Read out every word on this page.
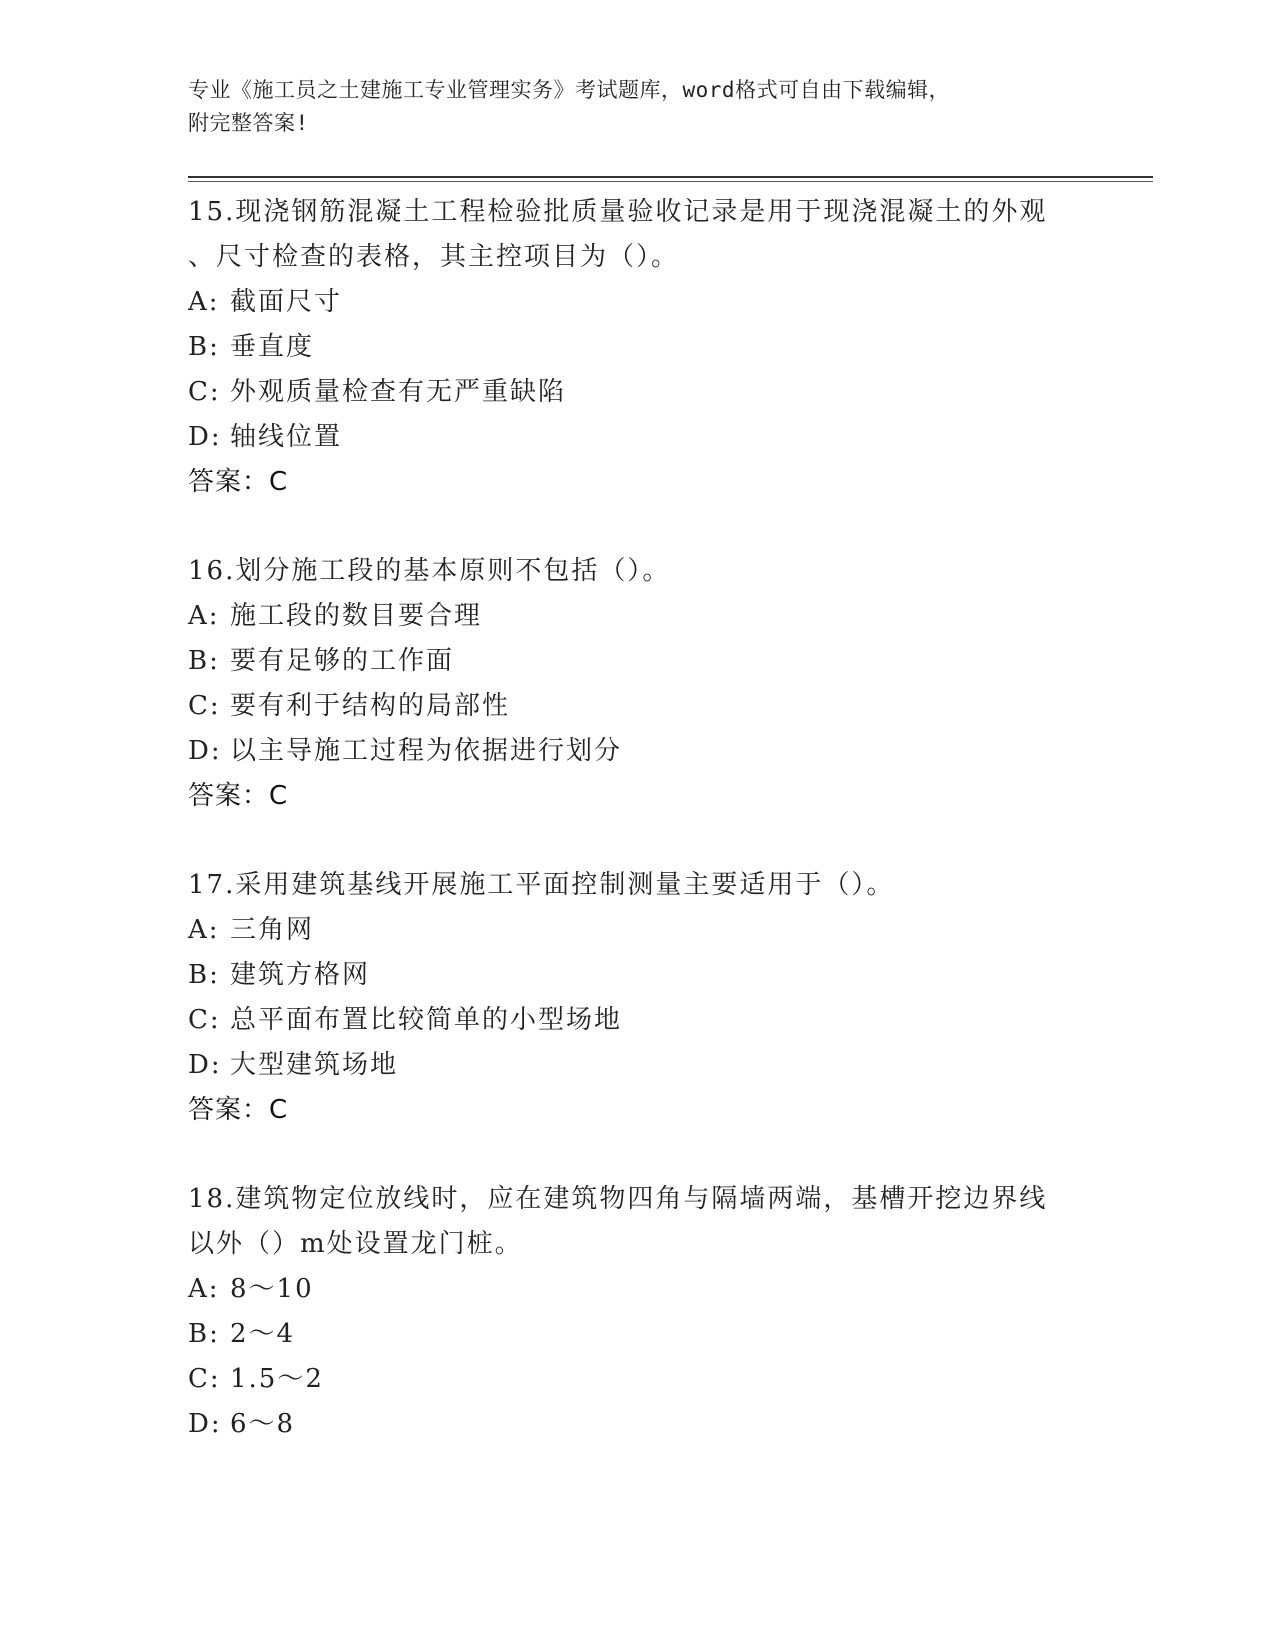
专业《施工员之土建施工专业管理实务》考试题库，word格式可自由下载编辑，
附完整答案!
15.现浇钢筋混凝土工程检验批质量验收记录是用于现浇混凝土的外观
、尺寸检查的表格，其主控项目为（）。
A: 截面尺寸
B: 垂直度
C: 外观质量检查有无严重缺陷
D: 轴线位置
答案：C
16.划分施工段的基本原则不包括（）。
A: 施工段的数目要合理
B: 要有足够的工作面
C: 要有利于结构的局部性
D: 以主导施工过程为依据进行划分
答案：C
17.采用建筑基线开展施工平面控制测量主要适用于（）。
A: 三角网
B: 建筑方格网
C: 总平面布置比较简单的小型场地
D: 大型建筑场地
答案：C
18.建筑物定位放线时，应在建筑物四角与隔墙两端，基槽开挖边界线
以外（）m处设置龙门桩。
A: 8～10
B: 2～4
C: 1.5～2
D: 6～8
